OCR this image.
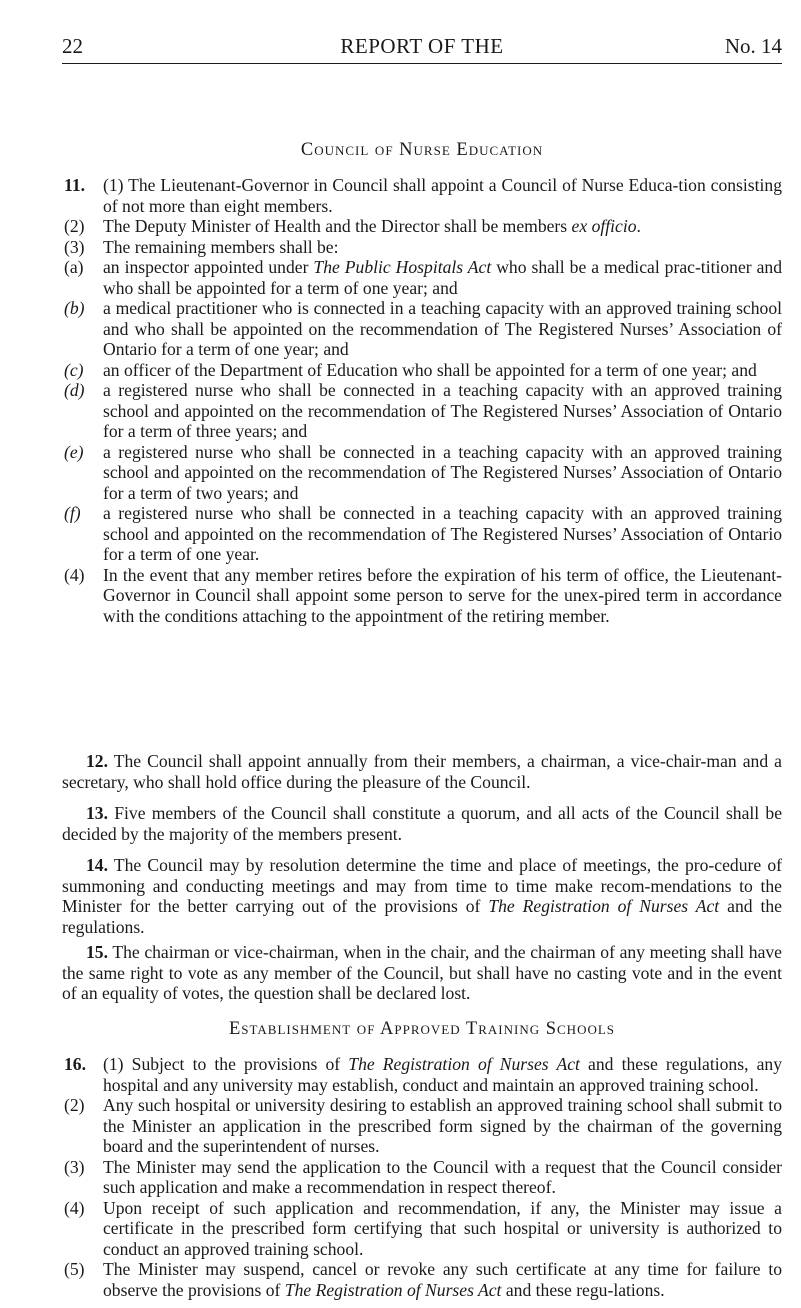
22	REPORT OF THE	No. 14
Council of Nurse Education
11.	(1) The Lieutenant-Governor in Council shall appoint a Council of Nurse Educa-tion consisting of not more than eight members.
(2)	The Deputy Minister of Health and the Director shall be members ex officio.
(3)	The remaining members shall be:
(a)	an inspector appointed under The Public Hospitals Act who shall be a medical prac-titioner and who shall be appointed for a term of one year; and
(b)	a medical practitioner who is connected in a teaching capacity with an approved training school and who shall be appointed on the recommendation of The Registered Nurses’ Association of Ontario for a term of one year; and
(c)	an officer of the Department of Education who shall be appointed for a term of one year; and
(d)	a registered nurse who shall be connected in a teaching capacity with an approved training school and appointed on the recommendation of The Registered Nurses’ Association of Ontario for a term of three years; and
(e)	a registered nurse who shall be connected in a teaching capacity with an approved training school and appointed on the recommendation of The Registered Nurses’ Association of Ontario for a term of two years; and
(f)	a registered nurse who shall be connected in a teaching capacity with an approved training school and appointed on the recommendation of The Registered Nurses’ Association of Ontario for a term of one year.
(4)	In the event that any member retires before the expiration of his term of office, the Lieutenant-Governor in Council shall appoint some person to serve for the unex-pired term in accordance with the conditions attaching to the appointment of the retiring member.
12. The Council shall appoint annually from their members, a chairman, a vice-chair-man and a secretary, who shall hold office during the pleasure of the Council.
13. Five members of the Council shall constitute a quorum, and all acts of the Council shall be decided by the majority of the members present.
14. The Council may by resolution determine the time and place of meetings, the pro-cedure of summoning and conducting meetings and may from time to time make recom-mendations to the Minister for the better carrying out of the provisions of The Registration of Nurses Act and the regulations.
15. The chairman or vice-chairman, when in the chair, and the chairman of any meeting shall have the same right to vote as any member of the Council, but shall have no casting vote and in the event of an equality of votes, the question shall be declared lost.
Establishment of Approved Training Schools
16. (1) Subject to the provisions of The Registration of Nurses Act and these regulations, any hospital and any university may establish, conduct and maintain an approved training school.
(2)	Any such hospital or university desiring to establish an approved training school shall submit to the Minister an application in the prescribed form signed by the chairman of the governing board and the superintendent of nurses.
(3)	The Minister may send the application to the Council with a request that the Council consider such application and make a recommendation in respect thereof.
(4)	Upon receipt of such application and recommendation, if any, the Minister may issue a certificate in the prescribed form certifying that such hospital or university is authorized to conduct an approved training school.
(5)	The Minister may suspend, cancel or revoke any such certificate at any time for failure to observe the provisions of The Registration of Nurses Act and these regu-lations.
